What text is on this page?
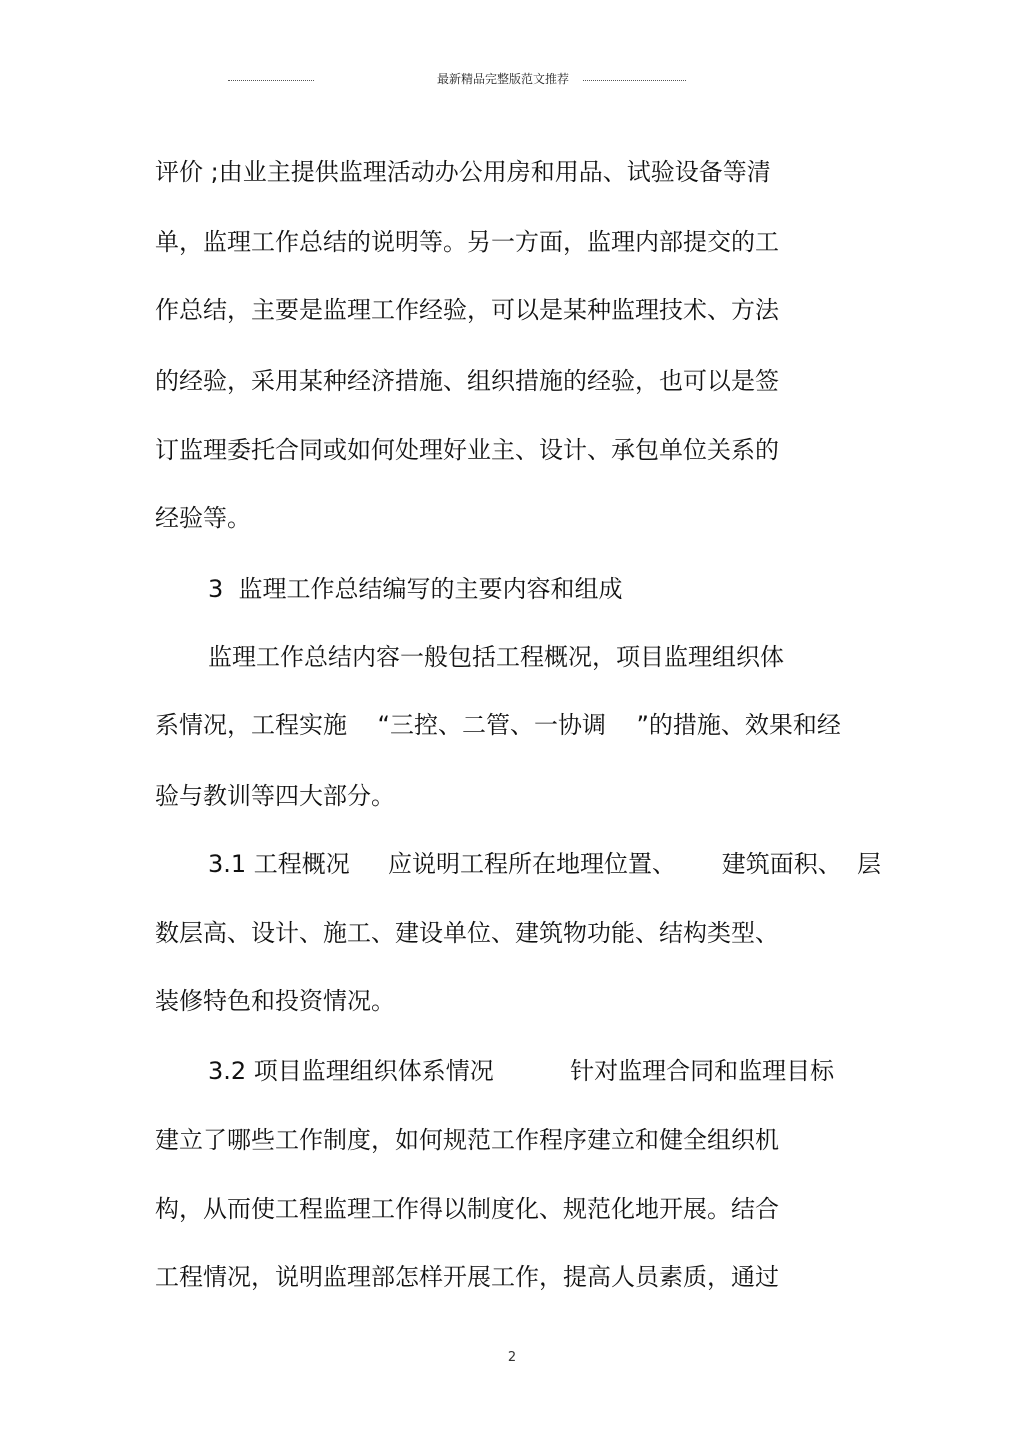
最新精品完整版范文推荐
评价 ;由业主提供监理活动办公用房和用品、试验设备等清
单，监理工作总结的说明等。另一方面，监理内部提交的工
作总结，主要是监理工作经验，可以是某种监理技术、方法
的经验，采用某种经济措施、组织措施的经验，也可以是签
订监理委托合同或如何处理好业主、设计、承包单位关系的
经验等。
3  监理工作总结编写的主要内容和组成
监理工作总结内容一般包括工程概况，项目监理组织体
系情况，工程实施    “三控、二管、一协调    ”的措施、效果和经
验与教训等四大部分。
3.1 工程概况     应说明工程所在地理位置、      建筑面积、  层
数层高、设计、施工、建设单位、建筑物功能、结构类型、
装修特色和投资情况。
3.2 项目监理组织体系情况          针对监理合同和监理目标
建立了哪些工作制度，如何规范工作程序建立和健全组织机
构，从而使工程监理工作得以制度化、规范化地开展。结合
工程情况，说明监理部怎样开展工作，提高人员素质，通过
2
